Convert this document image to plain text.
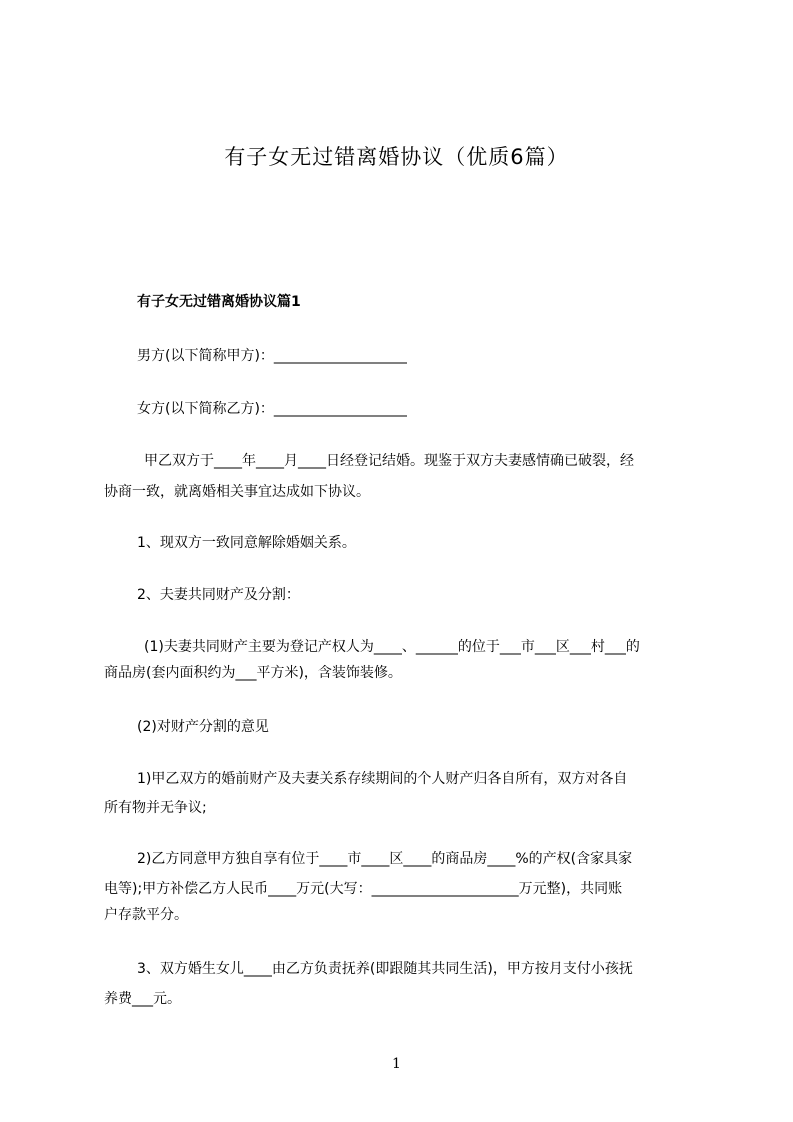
有子女无过错离婚协议（优质6篇）
有子女无过错离婚协议篇1
男方(以下简称甲方)：___________________
女方(以下简称乙方)：___________________
甲乙双方于____年____月____日经登记结婚。现鉴于双方夫妻感情确已破裂，经
协商一致，就离婚相关事宜达成如下协议。
1、现双方一致同意解除婚姻关系。
2、夫妻共同财产及分割：
(1)夫妻共同财产主要为登记产权人为____、______的位于___市___区___村___的
商品房(套内面积约为___平方米)，含装饰装修。
(2)对财产分割的意见
1)甲乙双方的婚前财产及夫妻关系存续期间的个人财产归各自所有，双方对各自
所有物并无争议;
2)乙方同意甲方独自享有位于____市____区____的商品房____%的产权(含家具家
电等);甲方补偿乙方人民币____万元(大写：_____________________万元整)，共同账
户存款平分。
3、双方婚生女儿____由乙方负责抚养(即跟随其共同生活)，甲方按月支付小孩抚
养费___元。
1
